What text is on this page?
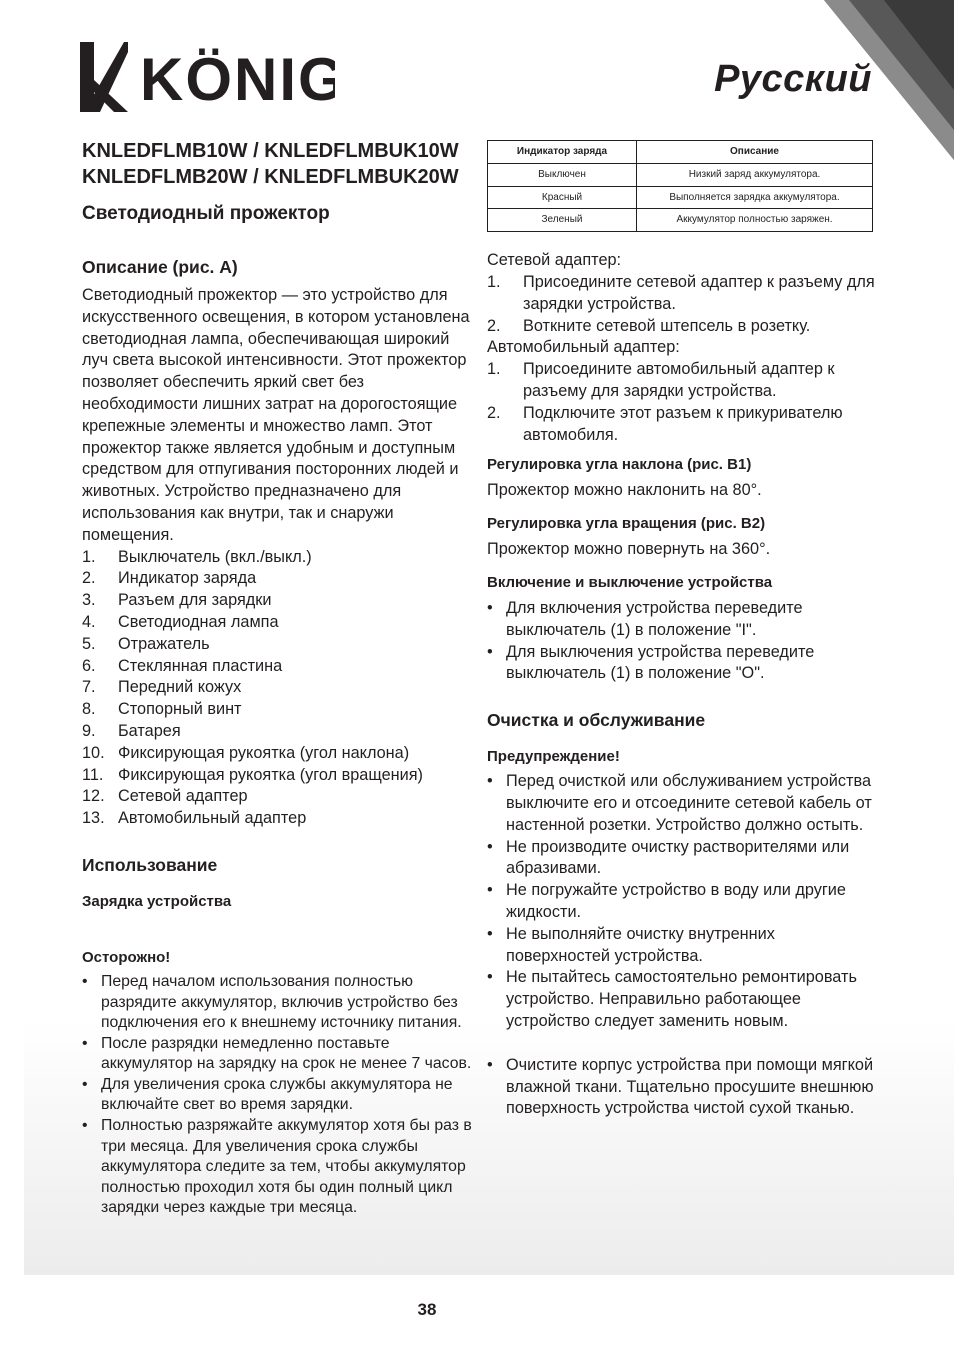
KÖNIG	Русский

KNLEDFLMB10W / KNLEDFLMBUK10W

KNLEDFLMB20W / KNLEDFLMBUK20W

Светодиодный прожектор

Описание (рис. A)

Светодиодный прожектор — это устройство для искусственного освещения, в котором установлена светодиодная лампа, обеспечивающая широкий луч света высокой интенсивности. Этот прожектор позволяет обеспечить яркий свет без необходимости лишних затрат на дорогостоящие крепежные элементы и множество ламп. Этот прожектор также является удобным и доступным средством для отпугивания посторонних людей и животных. Устройство предназначено для использования как внутри, так и снаружи помещения.

1.	Выключатель (вкл./выкл.)
2.	Индикатор заряда
3.	Разъем для зарядки
4.	Светодиодная лампа
5.	Отражатель
6.	Стеклянная пластина
7.	Передний кожух
8.	Стопорный винт
9.	Батарея
10. Фиксирующая рукоятка (угол наклона)
11. Фиксирующая рукоятка (угол вращения)
12. Сетевой адаптер
13. Автомобильный адаптер
Использование
Зарядка устройства
Осторожно!
• Перед началом использования полностью разрядите аккумулятор, включив устройство без подключения его к внешнему источнику питания.
• После разрядки немедленно поставьте аккумулятор на зарядку на срок не менее 7 часов.
• Для увеличения срока службы аккумулятора не включайте свет во время зарядки.
• Полностью разряжайте аккумулятор хотя бы раз в три месяца. Для увеличения срока службы аккумулятора следите за тем, чтобы аккумулятор полностью проходил хотя бы один полный цикл зарядки через каждые три месяца.
Индикатор заряда	Описание
Выключен	Низкий заряд аккумулятора.
Красный	Выполняется зарядка аккумулятора.
Зеленый	Аккумулятор полностью заряжен.

Сетевой адаптер:

1.	Присоедините сетевой адаптер к разъему для зарядки устройства.
2.	Воткните сетевой штепсель в розетку.

Автомобильный адаптер:

1.	Присоедините автомобильный адаптер к разъему для зарядки устройства.
2.	Подключите этот разъем к прикуривателю автомобиля.
Регулировка угла наклона (рис. B1)

Прожектор можно наклонить на 80°.

Регулировка угла вращения (рис. B2)

Прожектор можно повернуть на 360°.

Включение и выключение устройства
• Для включения устройства переведите выключатель (1) в положение "I".
• Для выключения устройства переведите выключатель (1) в положение "O".
Очистка и обслуживание
Предупреждение!
• Перед очисткой или обслуживанием устройства выключите его и отсоедините сетевой кабель от настенной розетки. Устройство должно остыть.
• Не производите очистку растворителями или абразивами.
• Не погружайте устройство в воду или другие жидкости.
• Не выполняйте очистку внутренних поверхностей устройства.
• Не пытайтесь самостоятельно ремонтировать устройство. Неправильно работающее устройство следует заменить новым.
• Очистите корпус устройства при помощи мягкой влажной ткани. Тщательно просушите внешнюю поверхность устройства чистой сухой тканью.
38
